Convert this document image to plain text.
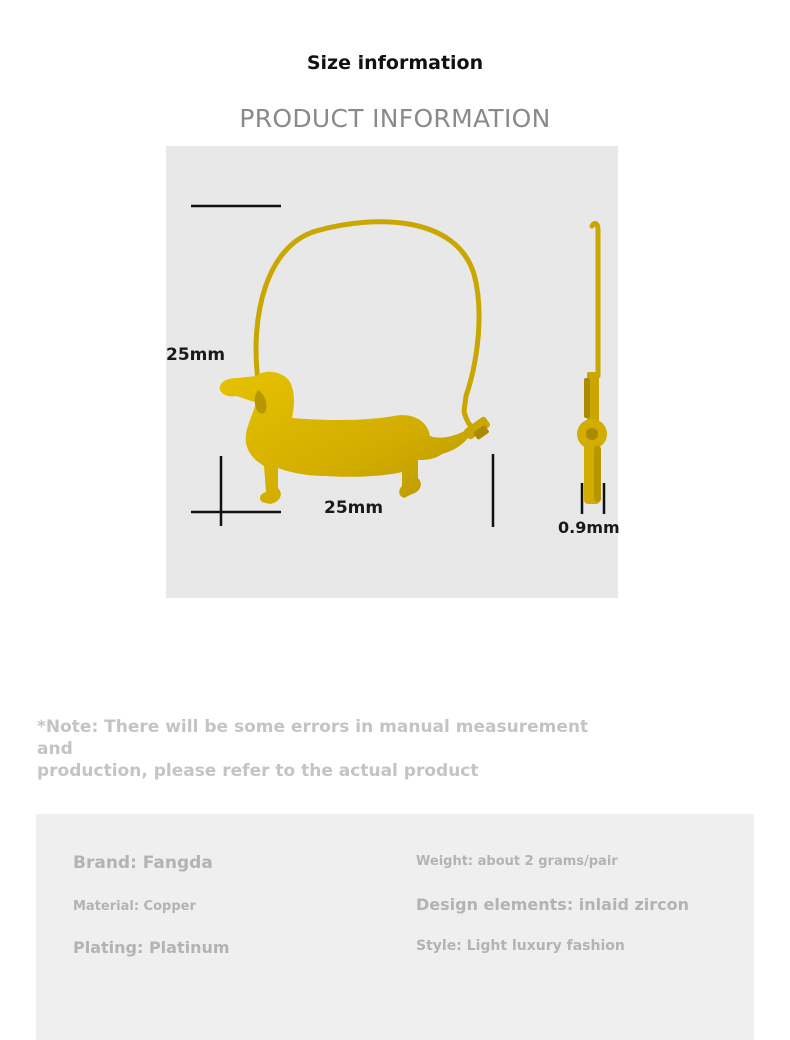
Size information
PRODUCT INFORMATION
25mm
25mm
0.9mm
*Note: There will be some errors in manual measurement and
production, please refer to the actual product
Brand: Fangda
Material: Copper
Plating: Platinum
Weight: about 2 grams/pair
Design elements: inlaid zircon
Style: Light luxury fashion
